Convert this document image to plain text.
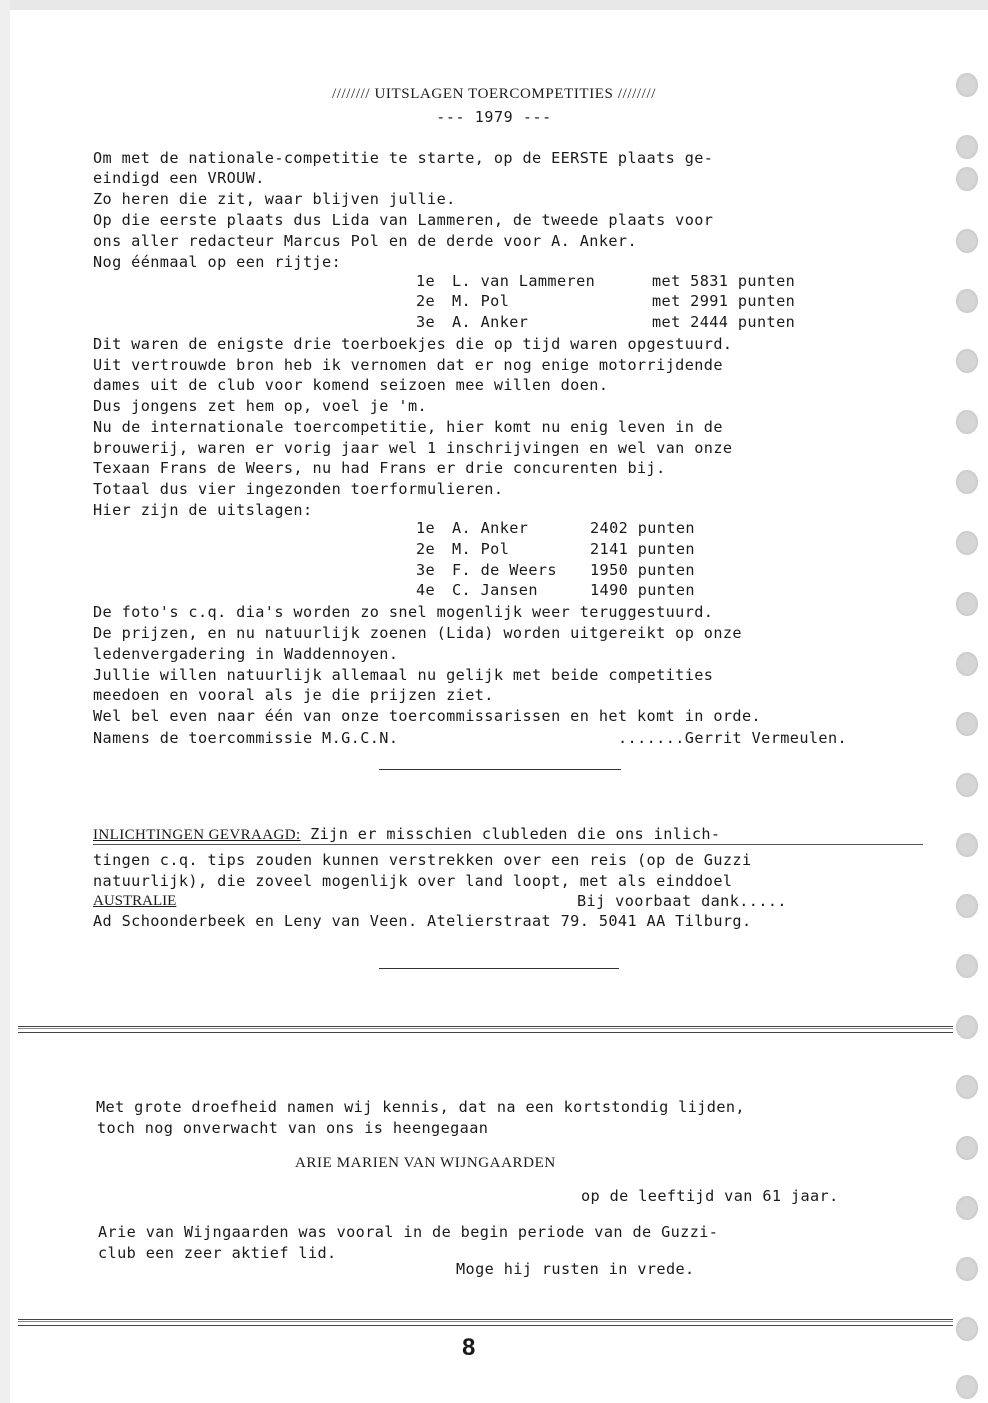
//////// UITSLAGEN TOERCOMPETITIES ////////
--- 1979 ---
Om met de nationale-competitie te starte, op de EERSTE plaats ge-
eindigd een VROUW.
Zo heren die zit, waar blijven jullie.
Op die eerste plaats dus Lida van Lammeren, de tweede plaats voor
ons aller redacteur Marcus Pol en de derde voor A. Anker.
Nog éénmaal op een rijtje:
1e L. van Lammeren	met 5831 punten
2e M. Pol	met 2991 punten
3e A. Anker	met 2444 punten
Dit waren de enigste drie toerboekjes die op tijd waren opgestuurd.
Uit vertrouwde bron heb ik vernomen dat er nog enige motorrijdende
dames uit de club voor komend seizoen mee willen doen.
Dus jongens zet hem op, voel je 'm.
Nu de internationale toercompetitie, hier komt nu enig leven in de
brouwerij, waren er vorig jaar wel 1 inschrijvingen en wel van onze
Texaan Frans de Weers, nu had Frans er drie concurenten bij.
Totaal dus vier ingezonden toerformulieren.
Hier zijn de uitslagen:
1e A. Anker	2402 punten
2e M. Pol	2141 punten
3e F. de Weers 1950 punten
4e C. Jansen	1490 punten
De foto's c.q. dia's worden zo snel mogenlijk weer teruggestuurd.
De prijzen, en nu natuurlijk zoenen (Lida) worden uitgereikt op onze
ledenvergadering in Waddennoyen.
Jullie willen natuurlijk allemaal nu gelijk met beide competities
meedoen en vooral als je die prijzen ziet.
Wel bel even naar één van onze toercommissarissen en het komt in orde.
Namens de toercommissie M.G.C.N.	.......Gerrit Vermeulen.
INLICHTINGEN GEVRAAGD: Zijn er misschien clubleden die ons inlich-
tingen c.q. tips zouden kunnen verstrekken over een reis (op de Guzzi
natuurlijk), die zoveel mogenlijk over land loopt, met als einddoel
AUSTRALIE	Bij voorbaat dank.....
Ad Schoonderbeek en Leny van Veen. Atelierstraat 79. 5041 AA Tilburg.
Met grote droefheid namen wij kennis, dat na een kortstondig lijden,
toch nog onverwacht van ons is heengegaan
ARIE MARIEN VAN WIJNGAARDEN
op de leeftijd van 61 jaar.
Arie van Wijngaarden was vooral in de begin periode van de Guzzi-
club een zeer aktief lid.
Moge hij rusten in vrede.
8
